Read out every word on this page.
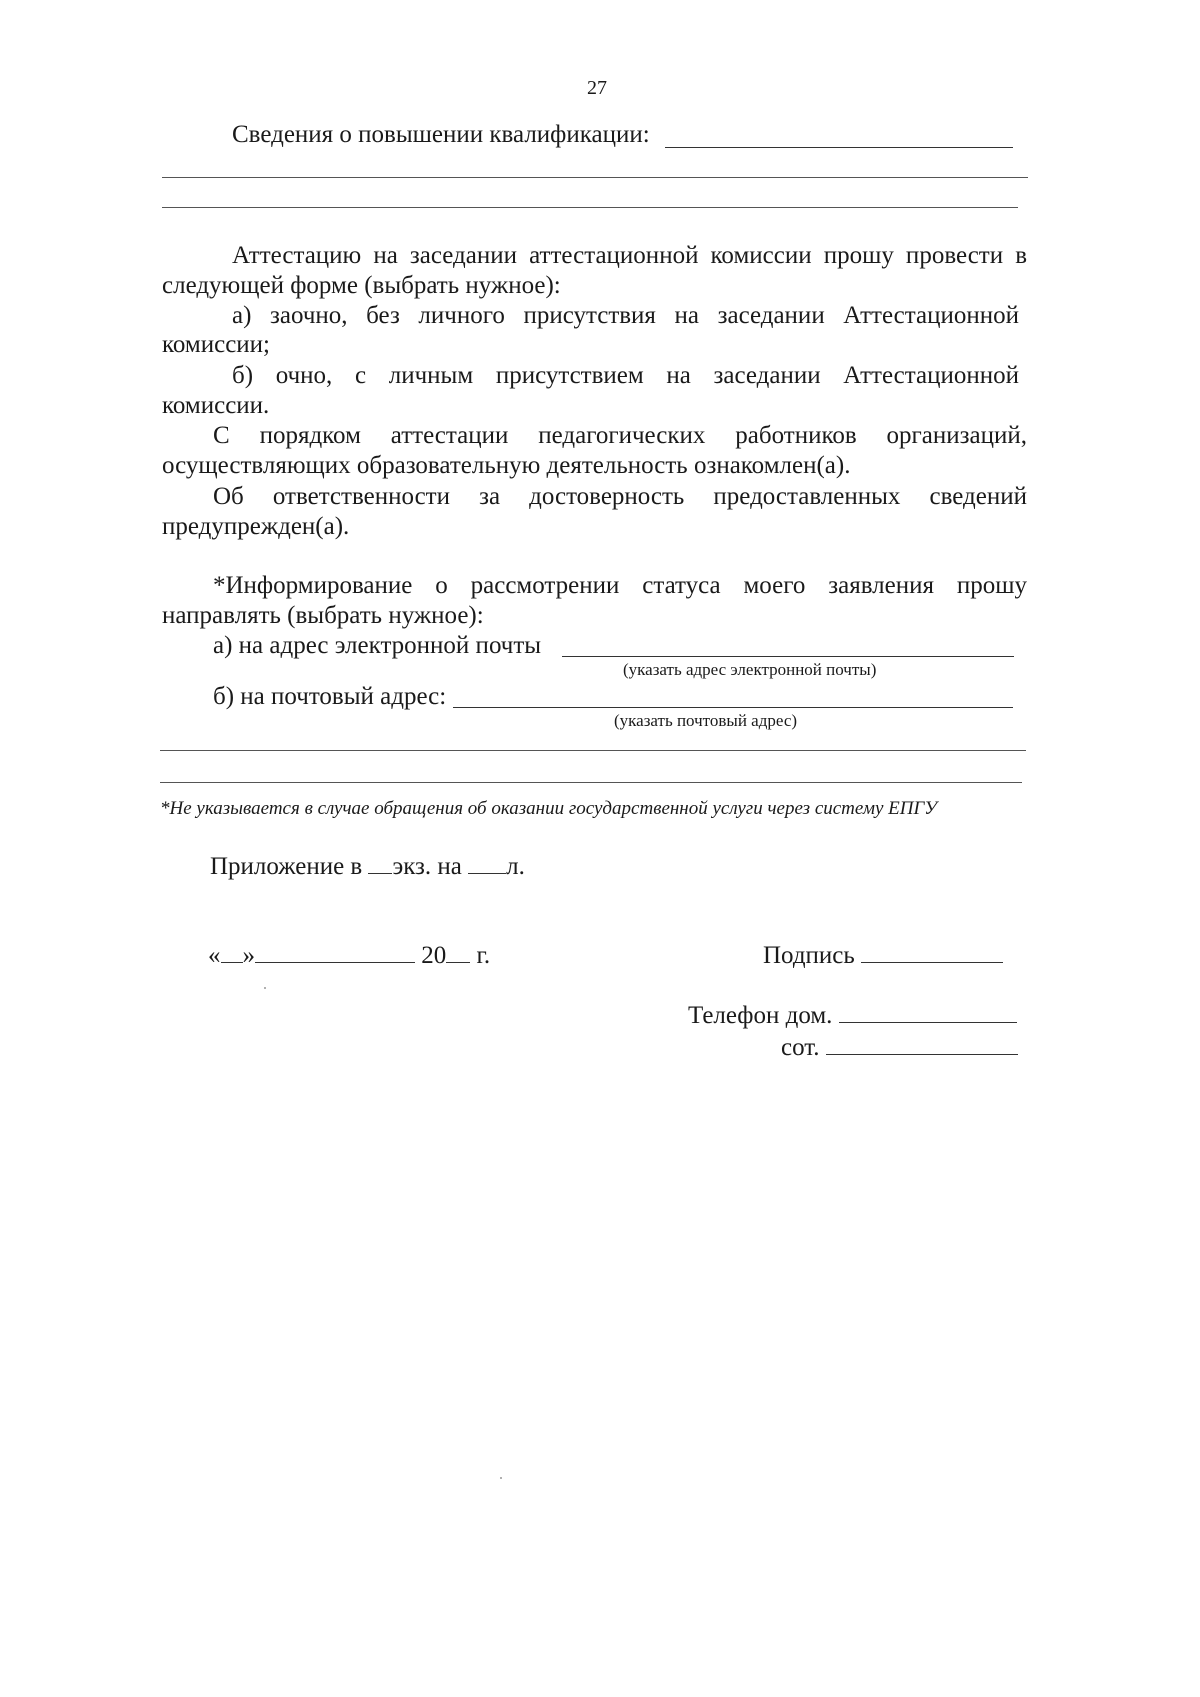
27
Сведения о повышении квалификации:
Аттестацию на заседании аттестационной комиссии прошу провести в
следующей форме (выбрать нужное):
а) заочно, без личного присутствия на заседании Аттестационной
комиссии;
б) очно, с личным присутствием на заседании Аттестационной
комиссии.
С порядком аттестации педагогических работников организаций,
осуществляющих образовательную деятельность ознакомлен(а).
Об ответственности за достоверность предоставленных сведений
предупрежден(а).
*Информирование о рассмотрении статуса моего заявления прошу
направлять (выбрать нужное):
а) на адрес электронной почты
(указать адрес электронной почты)
б) на почтовый адрес:
(указать почтовый адрес)
*Не указывается в случае обращения об оказании государственной услуги через систему ЕПГУ
Приложение в экз. на л.
« »	20 г.	Подпись
Телефон дом.
сот.
